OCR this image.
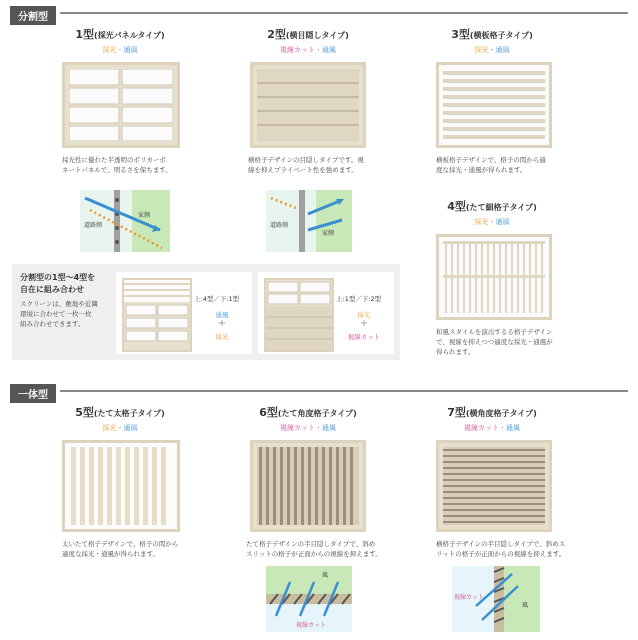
分割型
1型(採光パネルタイプ)
採光・通風
採光性に優れた半透明のポリカーボ
ネートパネルで、明るさを保ちます。
道路側
家側
2型(横目隠しタイプ)
視線カット・通風
横格子デザインの目隠しタイプです。視
線を抑えプライベート性を強めます。
道路側
家側
3型(横板格子タイプ)
採光・通風
横板格子デザインで、格子の間から適
度な採光・通風が得られます。
4型(たて細格子タイプ)
採光・通風
和風スタイルを演出するる格子デザイン
で、視線を抑えつつ適度な採光・通風が
得られます。
分割型の1型〜4型を
自在に組み合わせ
スクリーンは、敷地や近隣
環境に合わせて一枚一枚
組み合わせできます。
上:4型／下:1型
通風
+
採光
上:1型／下:2型
採光
+
視線カット
一体型
5型(たて太格子タイプ)
採光・通風
太いたて格子デザインで、格子の間から
適度な採光・通風が得られます。
6型(たて角度格子タイプ)
視線カット・通風
たて格子デザインの半目隠しタイプで、斜め
スリットの格子が正面からの視線を抑えます。
風
視線カット
7型(横角度格子タイプ)
視線カット・通風
横格子デザインの半目隠しタイプで、斜めス
リットの格子が正面からの視線を抑えます。
視線カット
風
